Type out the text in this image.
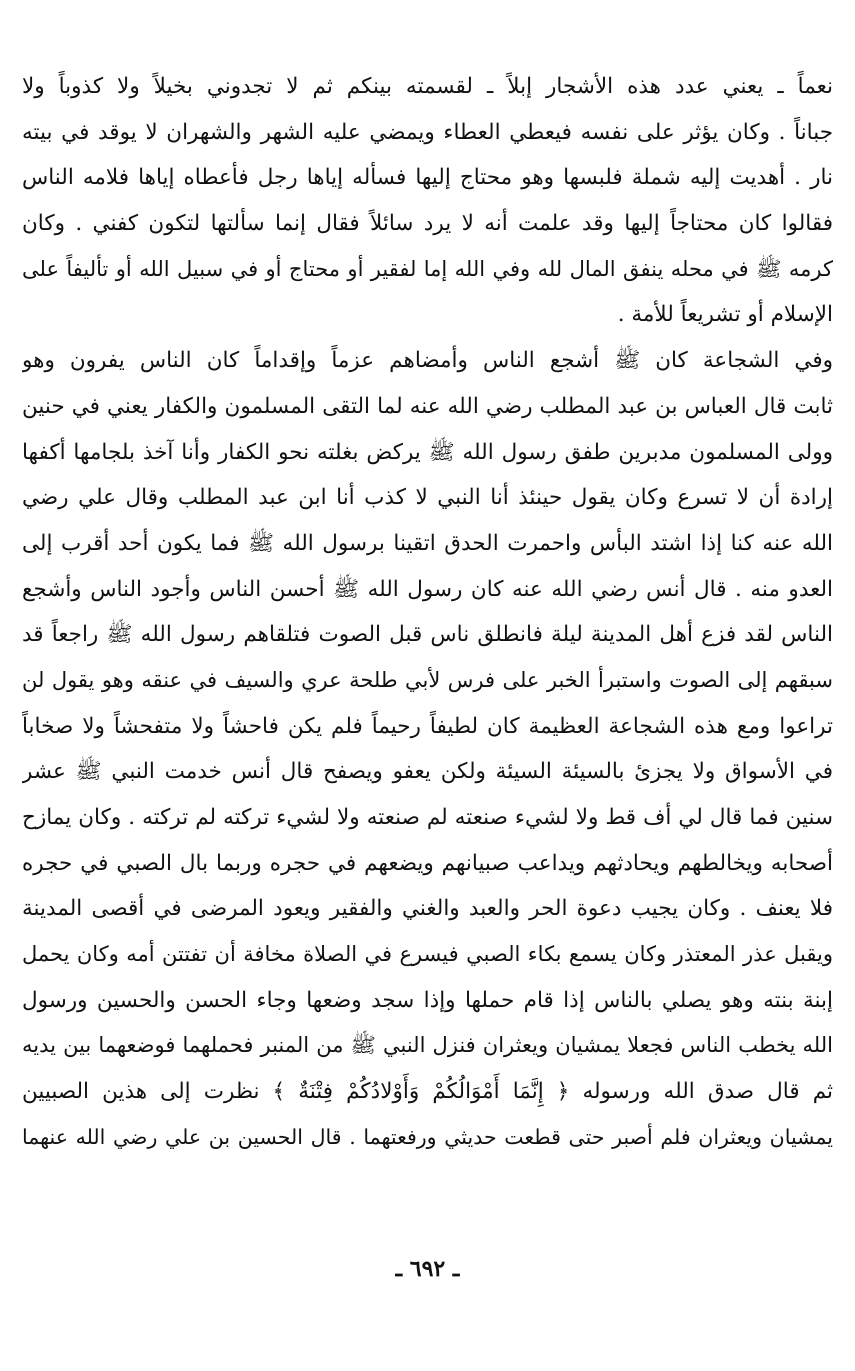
نعماً ـ يعني عدد هذه الأشجار إبلاً ـ لقسمته بينكم ثم لا تجدوني بخيلاً ولا كذوباً ولا
جباناً . وكان يؤثر على نفسه فيعطي العطاء ويمضي عليه الشهر والشهران لا يوقد في بيته
نار . أهديت إليه شملة فلبسها وهو محتاج إليها فسأله إياها رجل فأعطاه إياها فلامه الناس
فقالوا كان محتاجاً إليها وقد علمت أنه لا يرد سائلاً فقال إنما سألتها لتكون كفني . وكان
كرمه ﷺ في محله ينفق المال لله وفي الله إما لفقير أو محتاج أو في سبيل الله أو تأليفاً على
الإسلام أو تشريعاً للأمة .
وفي الشجاعة كان ﷺ أشجع الناس وأمضاهم عزماً وإقداماً كان الناس يفرون وهو
ثابت قال العباس بن عبد المطلب رضي الله عنه لما التقى المسلمون والكفار يعني في حنين
وولى المسلمون مدبرين طفق رسول الله ﷺ يركض بغلته نحو الكفار وأنا آخذ بلجامها أكفها
إرادة أن لا تسرع وكان يقول حينئذ أنا النبي لا كذب أنا ابن عبد المطلب وقال علي رضي
الله عنه كنا إذا اشتد البأس واحمرت الحدق اتقينا برسول الله ﷺ فما يكون أحد أقرب إلى
العدو منه . قال أنس رضي الله عنه كان رسول الله ﷺ أحسن الناس وأجود الناس وأشجع
الناس لقد فزع أهل المدينة ليلة فانطلق ناس قبل الصوت فتلقاهم رسول الله ﷺ راجعاً قد
سبقهم إلى الصوت واستبرأ الخبر على فرس لأبي طلحة عري والسيف في عنقه وهو يقول لن
تراعوا ومع هذه الشجاعة العظيمة كان لطيفاً رحيماً فلم يكن فاحشاً ولا متفحشاً ولا صخاباً
في الأسواق ولا يجزئ بالسيئة السيئة ولكن يعفو ويصفح قال أنس خدمت النبي ﷺ عشر
سنين فما قال لي أف قط ولا لشيء صنعته لم صنعته ولا لشيء تركته لم تركته . وكان يمازح
أصحابه ويخالطهم ويحادثهم ويداعب صبيانهم ويضعهم في حجره وربما بال الصبي في حجره
فلا يعنف . وكان يجيب دعوة الحر والعبد والغني والفقير ويعود المرضى في أقصى المدينة
ويقبل عذر المعتذر وكان يسمع بكاء الصبي فيسرع في الصلاة مخافة أن تفتتن أمه وكان يحمل
إبنة بنته وهو يصلي بالناس إذا قام حملها وإذا سجد وضعها وجاء الحسن والحسين ورسول
الله يخطب الناس فجعلا يمشيان ويعثران فنزل النبي ﷺ من المنبر فحملهما فوضعهما بين يديه
ثم قال صدق الله ورسوله ﴿ إِنَّمَا أَمْوَالُكُمْ وَأَوْلادُكُمْ فِتْنَةٌ ﴾ نظرت إلى هذين الصبيين
يمشيان ويعثران فلم أصبر حتى قطعت حديثي ورفعتهما . قال الحسين بن علي رضي الله عنهما
ـ ٦٩٢ ـ
